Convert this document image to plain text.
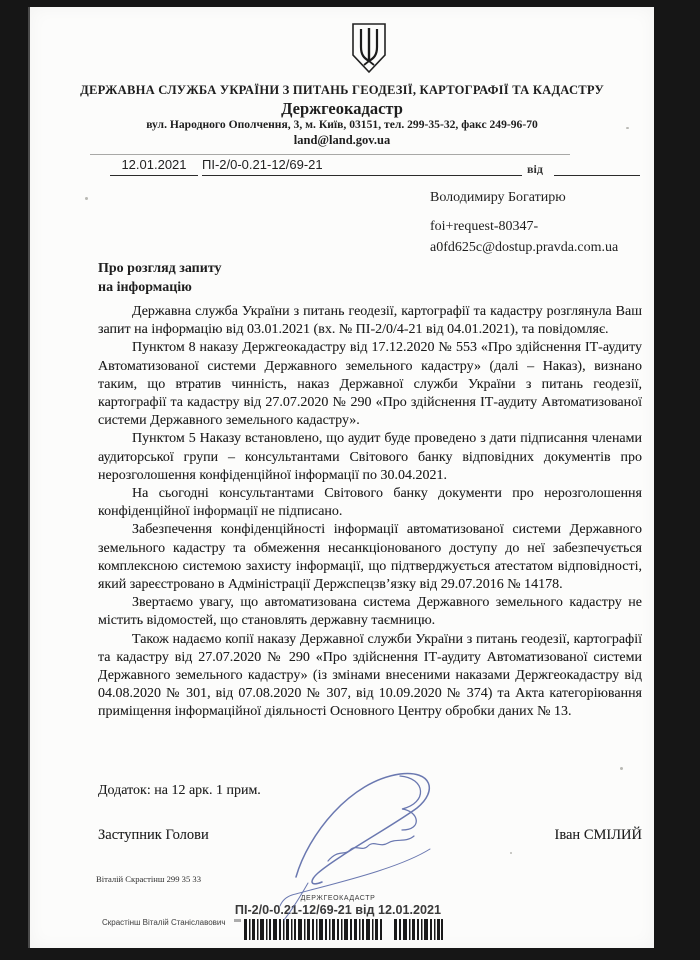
ДЕРЖАВНА СЛУЖБА УКРАЇНИ З ПИТАНЬ ГЕОДЕЗІЇ, КАРТОГРАФІЇ ТА КАДАСТРУ
Держгеокадастр
вул. Народного Ополчення, 3, м. Київ, 03151, тел. 299-35-32, факс 249-96-70
land@land.gov.ua
12.01.2021	ПІ-2/0-0.21-12/69-21	від
Володимиру Богатирю
foi+request-80347-
a0fd625c@dostup.pravda.com.ua
Про розгляд запиту
на інформацію

Державна служба України з питань геодезії, картографії та кадастру розглянула Ваш запит на інформацію від 03.01.2021 (вх. № ПІ-2/0/4-21 від 04.01.2021), та повідомляє.

Пунктом 8 наказу Держгеокадастру від 17.12.2020 № 553 «Про здійснення ІТ-аудиту Автоматизованої системи Державного земельного кадастру» (далі – Наказ), визнано таким, що втратив чинність, наказ Державної служби України з питань геодезії, картографії та кадастру від 27.07.2020 № 290 «Про здійснення ІТ-аудиту Автоматизованої системи Державного земельного кадастру».

Пунктом 5 Наказу встановлено, що аудит буде проведено з дати підписання членами аудиторської групи – консультантами Світового банку відповідних документів про нерозголошення конфіденційної інформації по 30.04.2021.

На сьогодні консультантами Світового банку документи про нерозголошення конфіденційної інформації не підписано.

Забезпечення конфіденційності інформації автоматизованої системи Державного земельного кадастру та обмеження несанкціонованого доступу до неї забезпечується комплексною системою захисту інформації, що підтверджується атестатом відповідності, який зареєстровано в Адміністрації Держспецзв’язку від 29.07.2016 № 14178.

Звертаємо увагу, що автоматизована система Державного земельного кадастру не містить відомостей, що становлять державну таємницю.

Також надаємо копії наказу Державної служби України з питань геодезії, картографії та кадастру від 27.07.2020 № 290 «Про здійснення ІТ-аудиту Автоматизованої системи Державного земельного кадастру» (із змінами внесеними наказами Держгеокадастру від 04.08.2020 № 301, від 07.08.2020 № 307, від 10.09.2020 № 374) та Акта категоріювання приміщення інформаційної діяльності Основного Центру обробки даних № 13.

Додаток: на 12 арк. 1 прим.
Заступник Голови	Іван СМІЛИЙ
Віталій Скрастінш 299 35 33
Скрастінш Віталій Станіславович
ДЕРЖГЕОКАДАСТР
ПІ-2/0-0.21-12/69-21 від 12.01.2021
